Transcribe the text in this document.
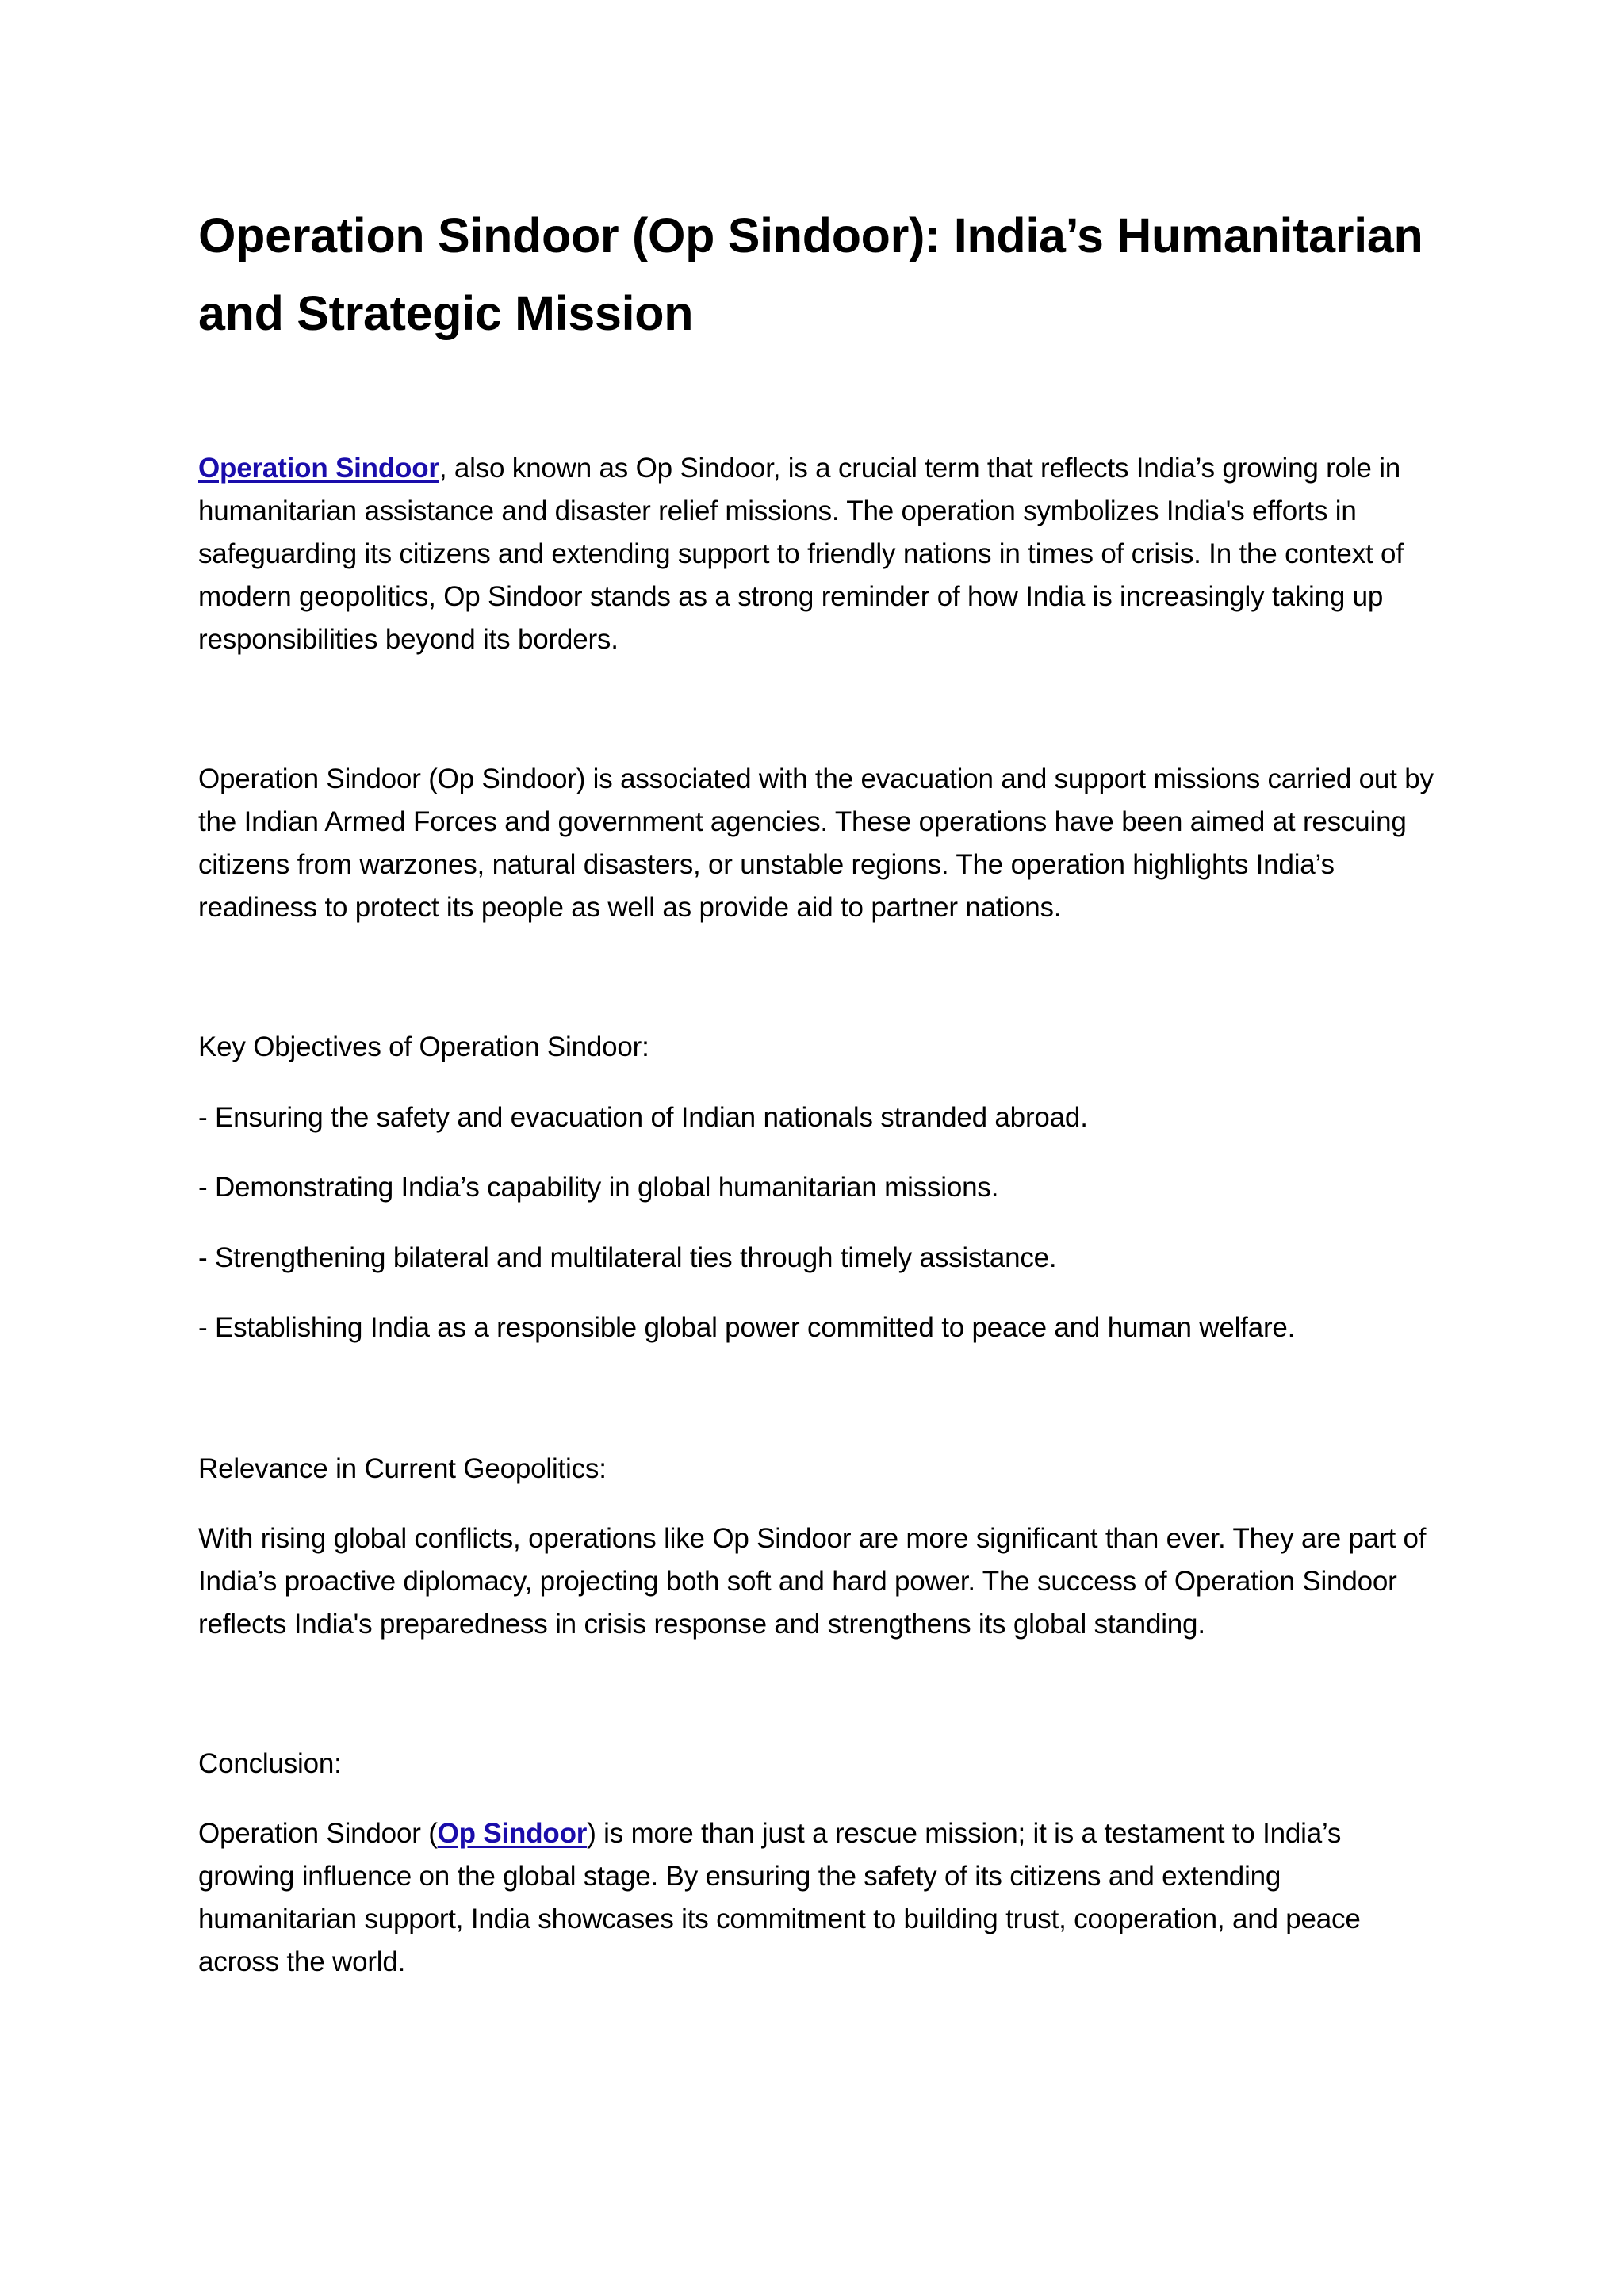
Operation Sindoor (Op Sindoor): India’s Humanitarian and Strategic Mission

Operation Sindoor, also known as Op Sindoor, is a crucial term that reflects India’s growing role in humanitarian assistance and disaster relief missions. The operation symbolizes India's efforts in safeguarding its citizens and extending support to friendly nations in times of crisis. In the context of modern geopolitics, Op Sindoor stands as a strong reminder of how India is increasingly taking up responsibilities beyond its borders.

Operation Sindoor (Op Sindoor) is associated with the evacuation and support missions carried out by the Indian Armed Forces and government agencies. These operations have been aimed at rescuing citizens from warzones, natural disasters, or unstable regions. The operation highlights India’s readiness to protect its people as well as provide aid to partner nations.

Key Objectives of Operation Sindoor:

- Ensuring the safety and evacuation of Indian nationals stranded abroad.

- Demonstrating India’s capability in global humanitarian missions.

- Strengthening bilateral and multilateral ties through timely assistance.

- Establishing India as a responsible global power committed to peace and human welfare.

Relevance in Current Geopolitics:

With rising global conflicts, operations like Op Sindoor are more significant than ever. They are part of India’s proactive diplomacy, projecting both soft and hard power. The success of Operation Sindoor reflects India's preparedness in crisis response and strengthens its global standing.

Conclusion:

Operation Sindoor (Op Sindoor) is more than just a rescue mission; it is a testament to India’s growing influence on the global stage. By ensuring the safety of its citizens and extending humanitarian support, India showcases its commitment to building trust, cooperation, and peace across the world.
